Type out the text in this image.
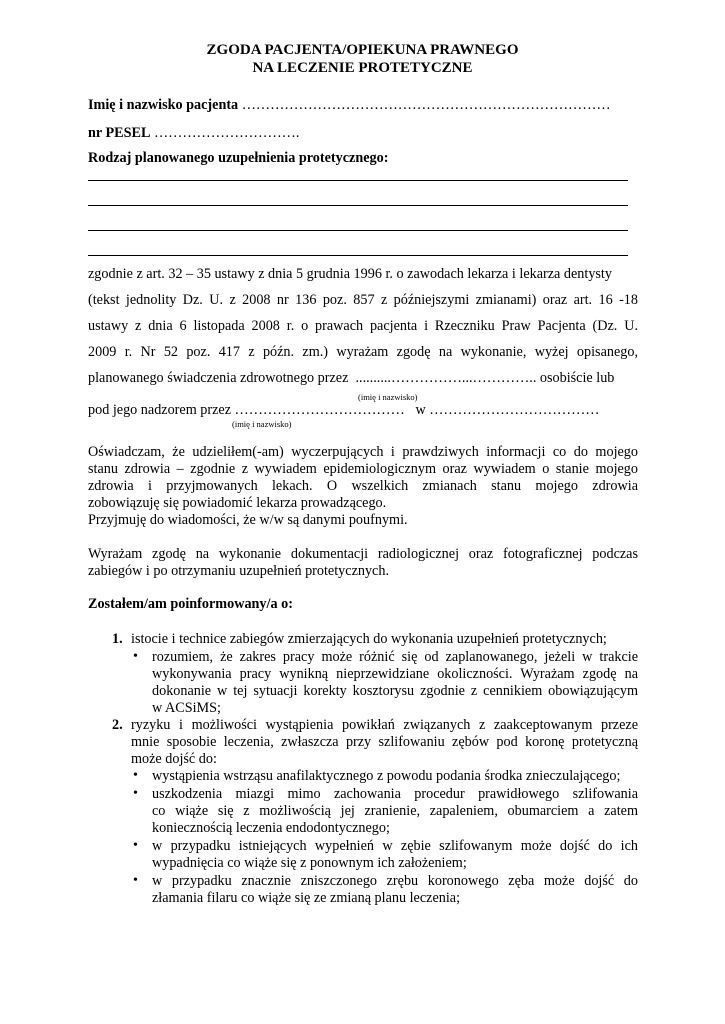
ZGODA PACJENTA/OPIEKUNA PRAWNEGO
NA LECZENIE PROTETYCZNE
Imię i nazwisko pacjenta ……………………………………………………………………
nr PESEL ………………………….
Rodzaj planowanego uzupełnienia protetycznego:
zgodnie z art. 32 – 35 ustawy z dnia 5 grudnia 1996 r. o zawodach lekarza i lekarza dentysty
(tekst jednolity Dz. U. z 2008 nr 136 poz. 857 z późniejszymi zmianami) oraz art. 16 -18
ustawy z dnia 6 listopada 2008 r. o prawach pacjenta i Rzeczniku Praw Pacjenta (Dz. U.
2009 r. Nr 52 poz. 417 z późn. zm.) wyrażam zgodę na wykonanie, wyżej opisanego,
planowanego świadczenia zdrowotnego przez ..........……………...………….. osobiście lub
(imię i nazwisko)
pod jego nadzorem przez ……………………………… w ………………………………
(imię i nazwisko)
Oświadczam, że udzieliłem(-am) wyczerpujących i prawdziwych informacji co do mojego
stanu zdrowia – zgodnie z wywiadem epidemiologicznym oraz wywiadem o stanie mojego
zdrowia i przyjmowanych lekach. O wszelkich zmianach stanu mojego zdrowia
zobowiązuję się powiadomić lekarza prowadzącego.
Przyjmuję do wiadomości, że w/w są danymi poufnymi.
Wyrażam zgodę na wykonanie dokumentacji radiologicznej oraz fotograficznej podczas
zabiegów i po otrzymaniu uzupełnień protetycznych.
Zostałem/am poinformowany/a o:
1. istocie i technice zabiegów zmierzających do wykonania uzupełnień protetycznych;
• rozumiem, że zakres pracy może różnić się od zaplanowanego, jeżeli w trakcie
wykonywania pracy wynikną nieprzewidziane okoliczności. Wyrażam zgodę na
dokonanie w tej sytuacji korekty kosztorysu zgodnie z cennikiem obowiązującym
w ACSiMS;
2. ryzyku i możliwości wystąpienia powikłań związanych z zaakceptowanym przeze
mnie sposobie leczenia, zwłaszcza przy szlifowaniu zębów pod koronę protetyczną
może dojść do:
• wystąpienia wstrząsu anafilaktycznego z powodu podania środka znieczulającego;
• uszkodzenia miazgi mimo zachowania procedur prawidłowego szlifowania
co wiąże się z możliwością jej zranienie, zapaleniem, obumarciem a zatem
koniecznością leczenia endodontycznego;
• w przypadku istniejących wypełnień w zębie szlifowanym może dojść do ich
wypadnięcia co wiąże się z ponownym ich założeniem;
• w przypadku znacznie zniszczonego zrębu koronowego zęba może dojść do
złamania filaru co wiąże się ze zmianą planu leczenia;
